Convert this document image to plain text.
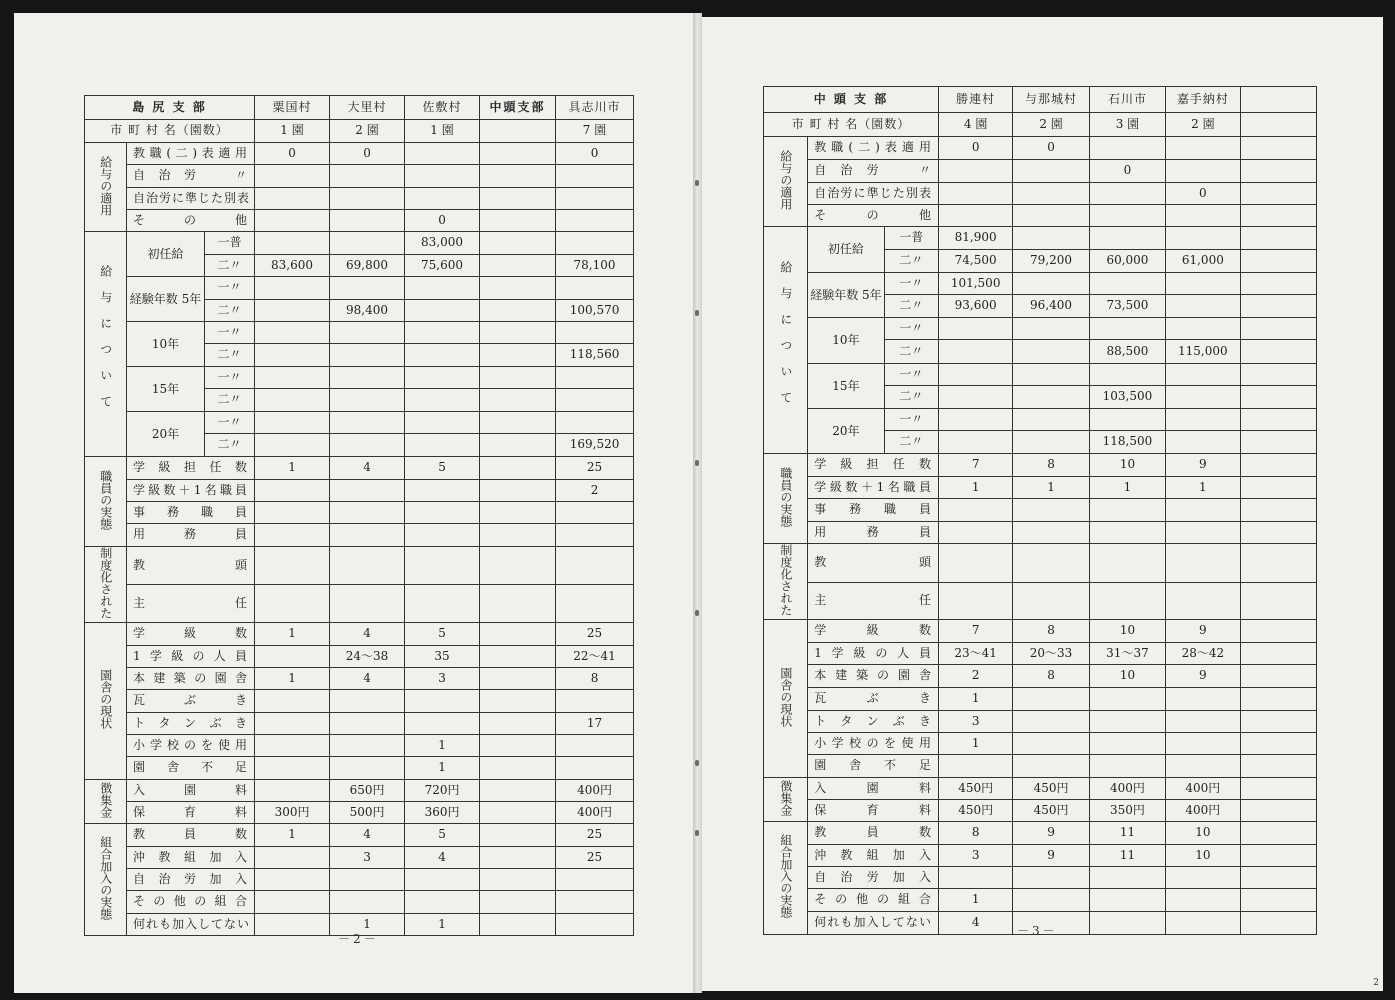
島 尻 支 部			粟国村	大里村	佐敷村	中頭支部	具志川市
市 町 村 名（園数）			1 園	2 園	1 園		7 園
給与の適用	教職(二)表適用		0	0			0
	自治労　〃						
	自治労に準じた別表						
	そ　の　他				0		
給与について	初任給	一普			83,000		
		二〃	83,600	69,800	75,600		78,100
	経験年数 5年	一〃					
		二〃		98,400			100,570
	10年	一〃					
		二〃					118,560
	15年	一〃					
		二〃					
	20年	一〃					
		二〃					169,520
職員の実態	学級担任数		1	4	5		25
	学級数＋1名職員						2
	事務職員						
	用務員						
制度化された	教頭						
	主任						
園舎の現状	学級数		1	4	5		25
	1学級の人員			24～38	35		22～41
	本建築の園舎		1	4	3		8
	瓦ぶき						
	トタンぶき						17
	小学校のを使用				1		
	園舎不足				1		
徴集金	入園料			650円	720円		400円
	保育料		300円	500円	360円		400円
組合加入の実態	教員数		1	4	5		25
	沖教組加入			3	4		25
	自治労加入						
	その他の組合						
	何れも加入してない			1	1		
中 頭 支 部			勝連村	与那城村	石川市	嘉手納村	
市 町 村 名（園数）			4 園	2 園	3 園	2 園	
給与の適用	教職(二)表適用		0	0			
	自治労　〃				0		
	自治労に準じた別表					0	
	そ　の　他						
給与について	初任給	一普	81,900				
		二〃	74,500	79,200	60,000	61,000	
	経験年数 5年	一〃	101,500				
		二〃	93,600	96,400	73,500		
	10年	一〃					
		二〃			88,500	115,000	
	15年	一〃					
		二〃			103,500		
	20年	一〃					
		二〃			118,500		
職員の実態	学級担任数		7	8	10	9	
	学級数＋1名職員		1	1	1	1	
	事務職員						
	用務員						
制度化された	教頭						
	主任						
園舎の現状	学級数		7	8	10	9	
	1学級の人員		23～41	20～33	31～37	28～42	
	本建築の園舎		2	8	10	9	
	瓦ぶき		1				
	トタンぶき		3				
	小学校のを使用		1				
	園舎不足						
徴集金	入園料		450円	450円	400円	400円	
	保育料		450円	450円	350円	400円	
組合加入の実態	教員数		8	9	11	10	
	沖教組加入		3	9	11	10	
	自治労加入						
	その他の組合		1				
	何れも加入してない		4				
－2－
－3－
2
